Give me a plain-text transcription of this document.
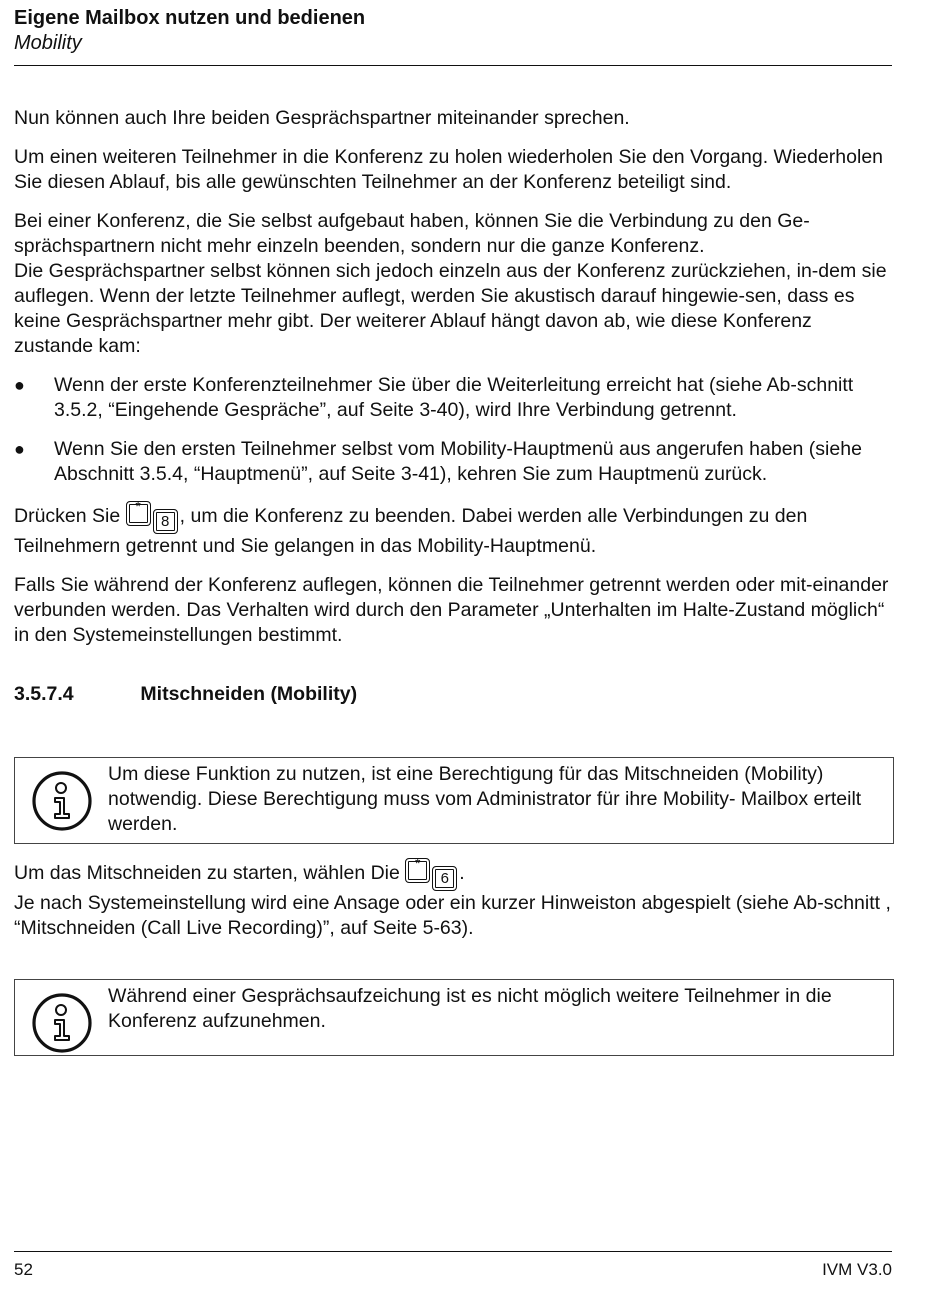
Eigene Mailbox nutzen und bedienen
Mobility

Nun können auch Ihre beiden Gesprächspartner miteinander sprechen.

Um einen weiteren Teilnehmer in die Konferenz zu holen wiederholen Sie den Vorgang. Wiederholen Sie diesen Ablauf, bis alle gewünschten Teilnehmer an der Konferenz beteiligt sind.

Bei einer Konferenz, die Sie selbst aufgebaut haben, können Sie die Verbindung zu den Ge-sprächspartnern nicht mehr einzeln beenden, sondern nur die ganze Konferenz.
Die Gesprächspartner selbst können sich jedoch einzeln aus der Konferenz zurückziehen, in-dem sie auflegen. Wenn der letzte Teilnehmer auflegt, werden Sie akustisch darauf hingewie-sen, dass es keine Gesprächspartner mehr gibt. Der weiterer Ablauf hängt davon ab, wie diese Konferenz zustande kam:

● Wenn der erste Konferenzteilnehmer Sie über die Weiterleitung erreicht hat (siehe Ab-schnitt 3.5.2, “Eingehende Gespräche”, auf Seite 3-40), wird Ihre Verbindung getrennt.
● Wenn Sie den ersten Teilnehmer selbst vom Mobility-Hauptmenü aus angerufen haben (siehe Abschnitt 3.5.4, “Hauptmenü”, auf Seite 3-41), kehren Sie zum Hauptmenü zurück.

Drücken Sie	*
8 , um die Konferenz zu beenden. Dabei werden alle Verbindungen zu den Teilnehmern getrennt und Sie gelangen in das Mobility-Hauptmenü.

Falls Sie während der Konferenz auflegen, können die Teilnehmer getrennt werden oder mit-einander verbunden werden. Das Verhalten wird durch den Parameter „Unterhalten im Halte-Zustand möglich“ in den Systemeinstellungen bestimmt.

3.5.7.4	Mitschneiden (Mobility)
Um diese Funktion zu nutzen, ist eine Berechtigung für das Mitschneiden (Mobility) notwendig. Diese Berechtigung muss vom Administrator für ihre Mobility- Mailbox erteilt werden.

Um das Mitschneiden zu starten, wählen Die	*
6 .

Je nach Systemeinstellung wird eine Ansage oder ein kurzer Hinweiston abgespielt (siehe Ab-schnitt , “Mitschneiden (Call Live Recording)”, auf Seite 5-63).

Während einer Gesprächsaufzeichung ist es nicht möglich weitere Teilnehmer in die Konferenz aufzunehmen.
52	IVM V3.0
